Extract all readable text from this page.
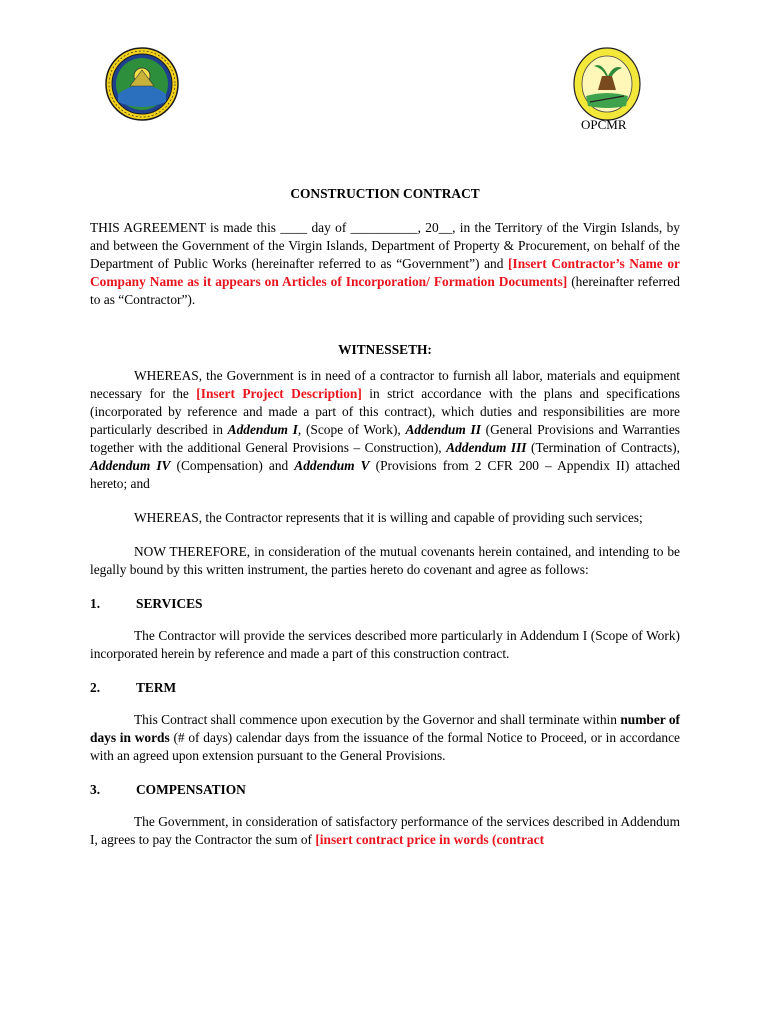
OPCMR
CONSTRUCTION CONTRACT

THIS AGREEMENT is made this ____ day of __________, 20__, in the Territory of the Virgin Islands, by and between the Government of the Virgin Islands, Department of Property & Procurement, on behalf of the Department of Public Works (hereinafter referred to as “Government”) and [Insert Contractor’s Name or Company Name as it appears on Articles of Incorporation/ Formation Documents] (hereinafter referred to as “Contractor”).

WITNESSETH:

WHEREAS, the Government is in need of a contractor to furnish all labor, materials and equipment necessary for the [Insert Project Description] in strict accordance with the plans and specifications (incorporated by reference and made a part of this contract), which duties and responsibilities are more particularly described in Addendum I, (Scope of Work), Addendum II (General Provisions and Warranties together with the additional General Provisions – Construction), Addendum III (Termination of Contracts), Addendum IV (Compensation) and Addendum V (Provisions from 2 CFR 200 – Appendix II) attached hereto; and

WHEREAS, the Contractor represents that it is willing and capable of providing such services;

NOW THEREFORE, in consideration of the mutual covenants herein contained, and intending to be legally bound by this written instrument, the parties hereto do covenant and agree as follows:

1.	SERVICES

The Contractor will provide the services described more particularly in Addendum I (Scope of Work) incorporated herein by reference and made a part of this construction contract.

2.	TERM

This Contract shall commence upon execution by the Governor and shall terminate within number of days in words (# of days) calendar days from the issuance of the formal Notice to Proceed, or in accordance with an agreed upon extension pursuant to the General Provisions.

3.	COMPENSATION

The Government, in consideration of satisfactory performance of the services described in Addendum I, agrees to pay the Contractor the sum of [insert contract price in words (contract
